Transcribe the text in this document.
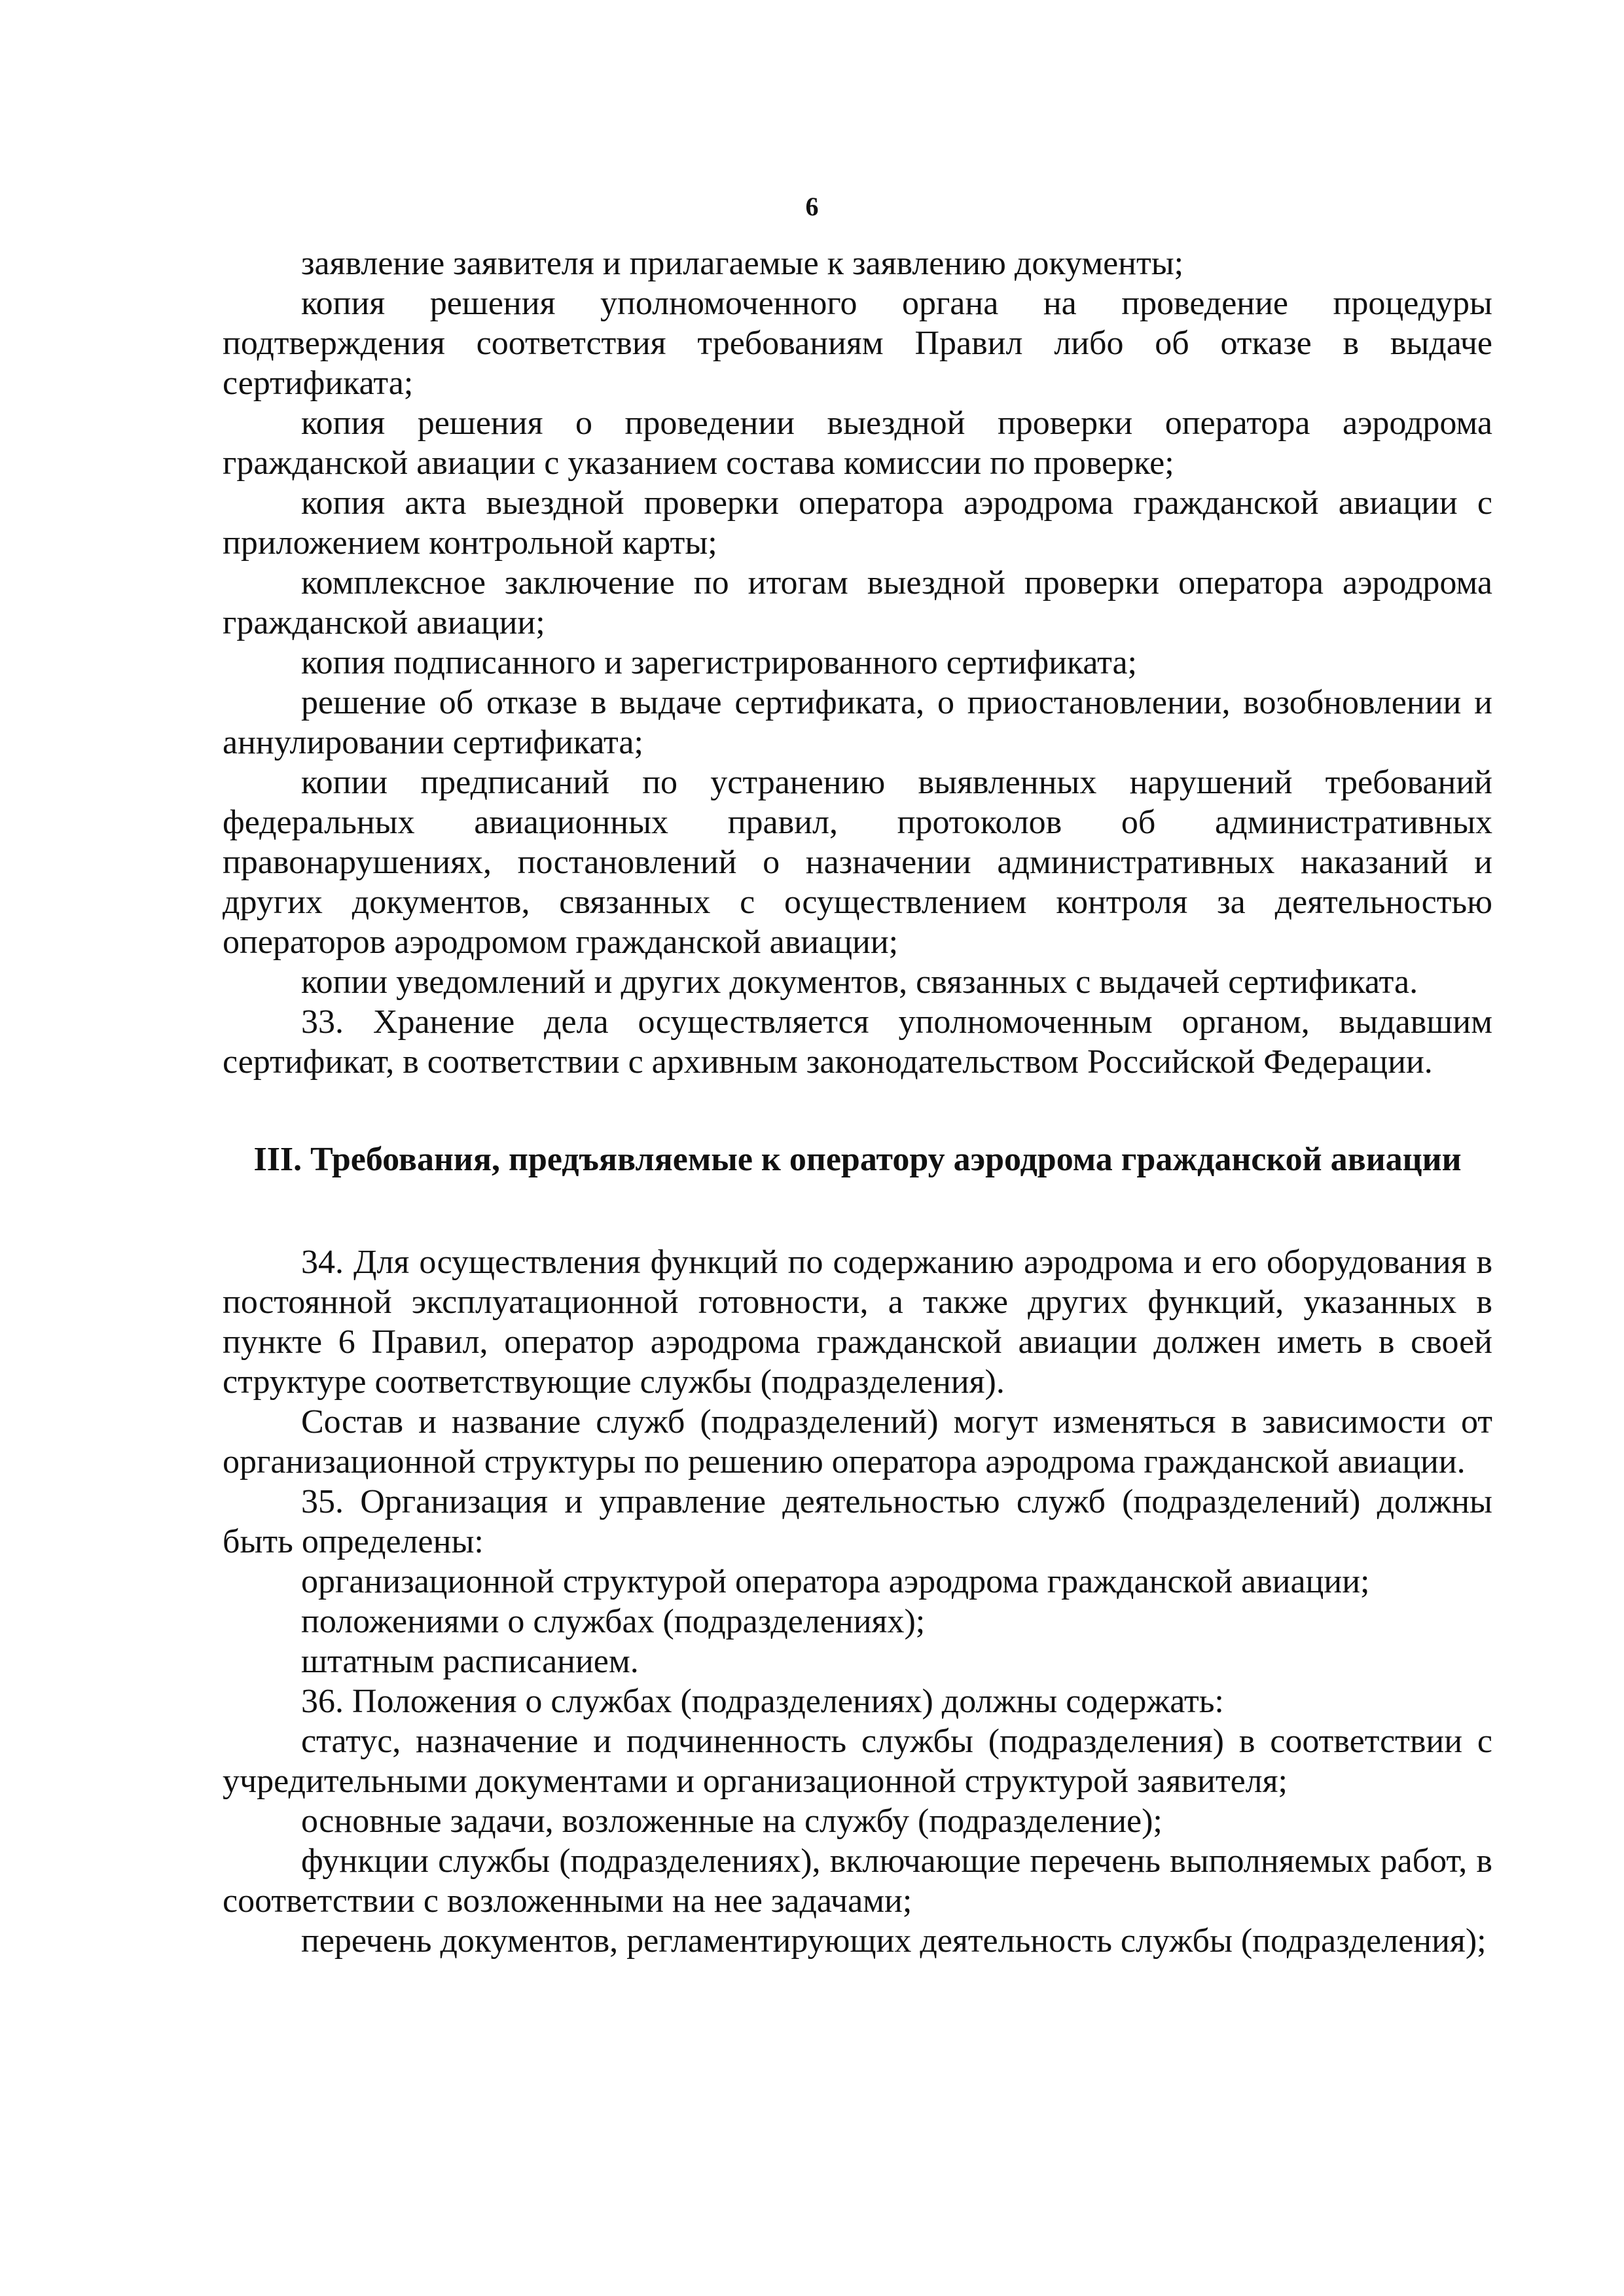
6

заявление заявителя и прилагаемые к заявлению документы;

копия решения уполномоченного органа на проведение процедуры подтверждения соответствия требованиям Правил либо об отказе в выдаче сертификата;

копия решения о проведении выездной проверки оператора аэродрома гражданской авиации с указанием состава комиссии по проверке;

копия акта выездной проверки оператора аэродрома гражданской авиации с приложением контрольной карты;

комплексное заключение по итогам выездной проверки оператора аэродрома гражданской авиации;

копия подписанного и зарегистрированного сертификата;

решение об отказе в выдаче сертификата, о приостановлении, возобновлении и аннулировании сертификата;

копии предписаний по устранению выявленных нарушений требований федеральных авиационных правил, протоколов об административных правонарушениях, постановлений о назначении административных наказаний и других документов, связанных с осуществлением контроля за деятельностью операторов аэродромом гражданской авиации;

копии уведомлений и других документов, связанных с выдачей сертификата.

33. Хранение дела осуществляется уполномоченным органом, выдавшим сертификат, в соответствии с архивным законодательством Российской Федерации.

III. Требования, предъявляемые к оператору аэродрома гражданской авиации

34. Для осуществления функций по содержанию аэродрома и его оборудования в постоянной эксплуатационной готовности, а также других функций, указанных в пункте 6 Правил, оператор аэродрома гражданской авиации должен иметь в своей структуре соответствующие службы (подразделения).

Состав и название служб (подразделений) могут изменяться в зависимости от организационной структуры по решению оператора аэродрома гражданской авиации.

35. Организация и управление деятельностью служб (подразделений) должны быть определены:

организационной структурой оператора аэродрома гражданской авиации;

положениями о службах (подразделениях);

штатным расписанием.

36. Положения о службах (подразделениях) должны содержать:

статус, назначение и подчиненность службы (подразделения) в соответствии с учредительными документами и организационной структурой заявителя;

основные задачи, возложенные на службу (подразделение);

функции службы (подразделениях), включающие перечень выполняемых работ, в соответствии с возложенными на нее задачами;

перечень документов, регламентирующих деятельность службы (подразделения);
